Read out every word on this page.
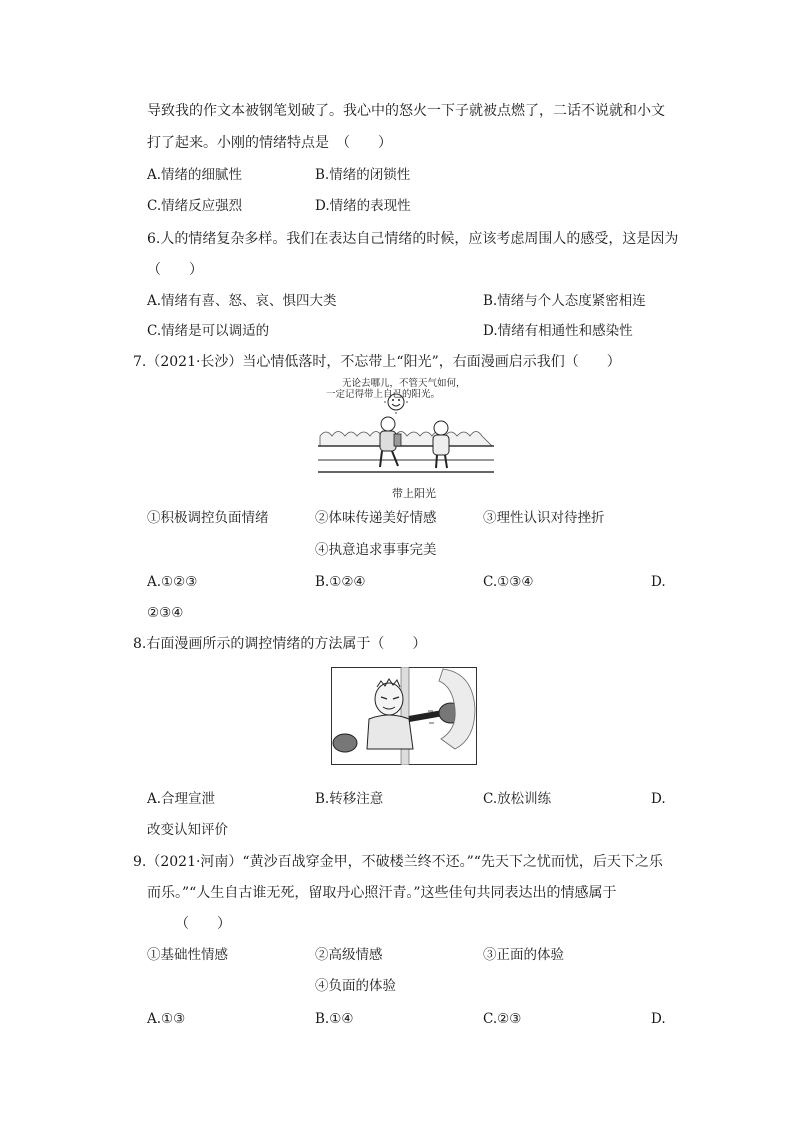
导致我的作文本被钢笔划破了。我心中的怒火一下子就被点燃了，二话不说就和小文
打了起来。小刚的情绪特点是　（　　）
A.情绪的细腻性	B.情绪的闭锁性
C.情绪反应强烈	D.情绪的表现性
6.人的情绪复杂多样。我们在表达自己情绪的时候，应该考虑周围人的感受，这是因为
（　　）
A.情绪有喜、怒、哀、惧四大类	B.情绪与个人态度紧密相连
C.情绪是可以调适的	D.情绪有相通性和感染性
7.（2021·长沙）当心情低落时，不忘带上“阳光”，右面漫画启示我们（　　）
无论去哪儿，不管天气如何，
一定记得带上自己的阳光。
带上阳光
①积极调控负面情绪	②体味传递美好情感	③理性认识对待挫折
④执意追求事事完美
A.①②③	B.①②④	C.①③④	D.
②③④
8.右面漫画所示的调控情绪的方法属于（　　）
A.合理宣泄	B.转移注意	C.放松训练	D.
改变认知评价
9.（2021·河南）“黄沙百战穿金甲，不破楼兰终不还。”“先天下之忧而忧，后天下之乐
而乐。”“人生自古谁无死，留取丹心照汗青。”这些佳句共同表达出的情感属于
（　　）
①基础性情感	②高级情感	③正面的体验
④负面的体验
A.①③	B.①④	C.②③	D.
